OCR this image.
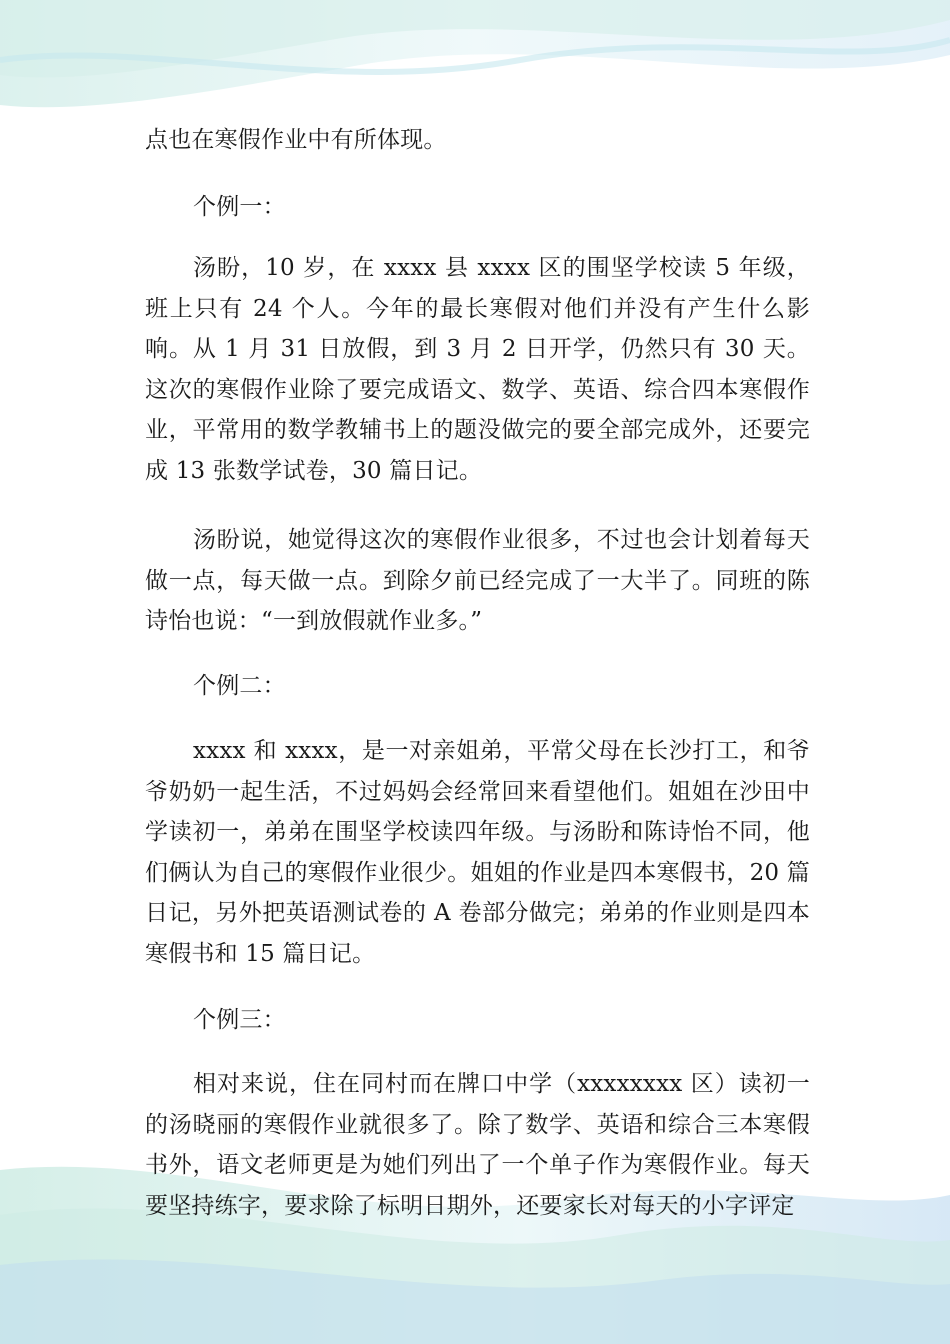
点也在寒假作业中有所体现。

个例一：

汤盼，10 岁，在 xxxx 县 xxxx 区的围坚学校读 5 年级，班上只有 24 个人。今年的最长寒假对他们并没有产生什么影响。从 1 月 31 日放假，到 3 月 2 日开学，仍然只有 30 天。这次的寒假作业除了要完成语文、数学、英语、综合四本寒假作业，平常用的数学教辅书上的题没做完的要全部完成外，还要完成 13 张数学试卷，30 篇日记。

汤盼说，她觉得这次的寒假作业很多，不过也会计划着每天做一点，每天做一点。到除夕前已经完成了一大半了。同班的陈诗怡也说：“一到放假就作业多。”

个例二：

xxxx 和 xxxx，是一对亲姐弟，平常父母在长沙打工，和爷爷奶奶一起生活，不过妈妈会经常回来看望他们。姐姐在沙田中学读初一，弟弟在围坚学校读四年级。与汤盼和陈诗怡不同，他们俩认为自己的寒假作业很少。姐姐的作业是四本寒假书，20 篇日记，另外把英语测试卷的 A 卷部分做完；弟弟的作业则是四本寒假书和 15 篇日记。

个例三：

相对来说，住在同村而在牌口中学（xxxxxxxx 区）读初一的汤晓丽的寒假作业就很多了。除了数学、英语和综合三本寒假书外，语文老师更是为她们列出了一个单子作为寒假作业。每天要坚持练字，要求除了标明日期外，还要家长对每天的小字评定
